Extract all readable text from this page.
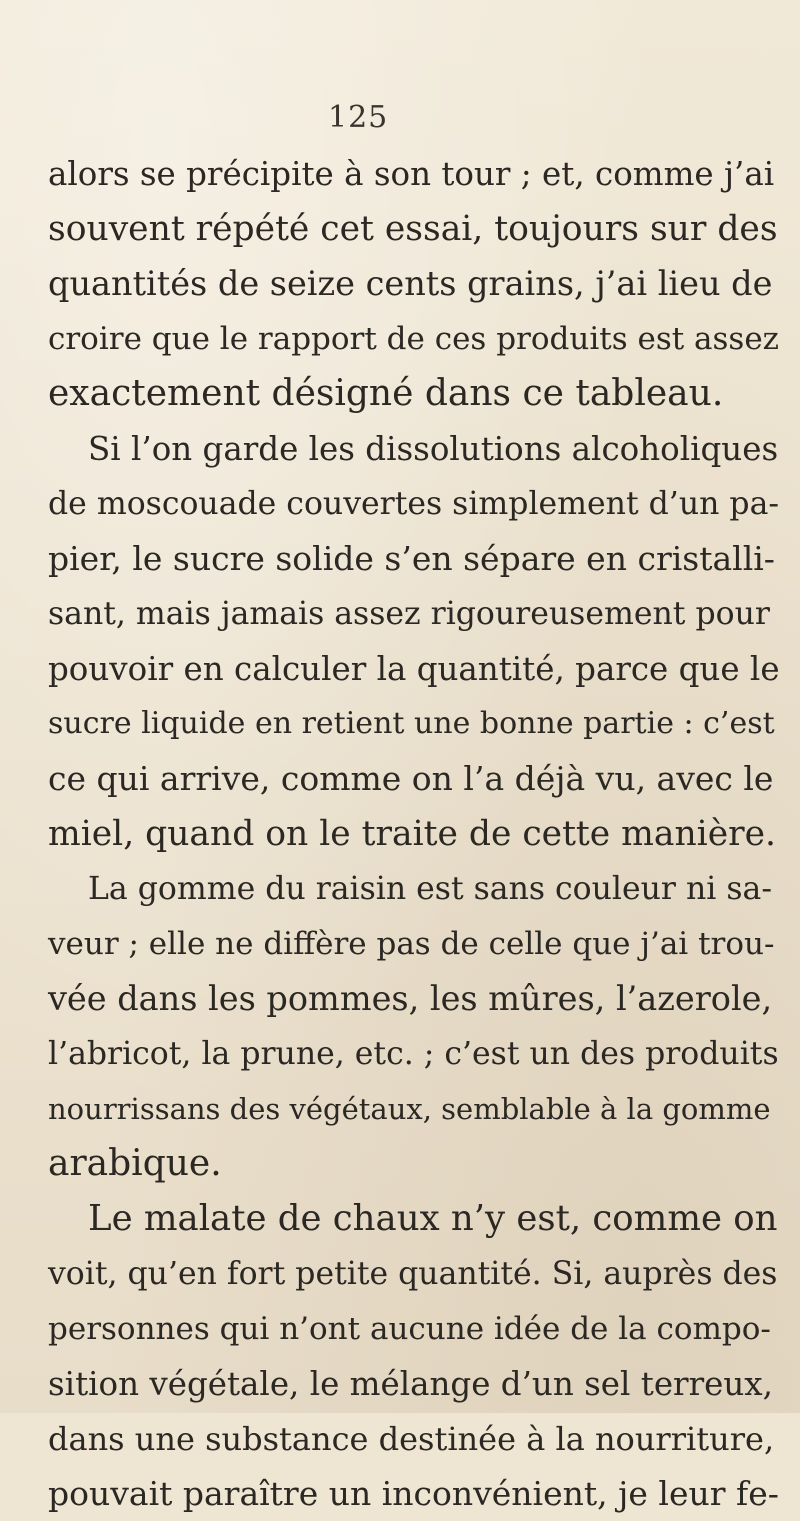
125
alors se précipite à son tour ; et, comme j’ai
souvent répété cet essai, toujours sur des
quantités de seize cents grains, j’ai lieu de
croire que le rapport de ces produits est assez
exactement désigné dans ce tableau.
Si l’on garde les dissolutions alcoholiques
de moscouade couvertes simplement d’un pa-
pier, le sucre solide s’en sépare en cristalli-
sant, mais jamais assez rigoureusement pour
pouvoir en calculer la quantité, parce que le
sucre liquide en retient une bonne partie : c’est
ce qui arrive, comme on l’a déjà vu, avec le
miel, quand on le traite de cette manière.
La gomme du raisin est sans couleur ni sa-
veur ; elle ne diffère pas de celle que j’ai trou-
vée dans les pommes, les mûres, l’azerole,
l’abricot, la prune, etc. ; c’est un des produits
nourrissans des végétaux, semblable à la gomme
arabique.
Le malate de chaux n’y est, comme on
voit, qu’en fort petite quantité. Si, auprès des
personnes qui n’ont aucune idée de la compo-
sition végétale, le mélange d’un sel terreux,
dans une substance destinée à la nourriture,
pouvait paraître un inconvénient, je leur fe-
